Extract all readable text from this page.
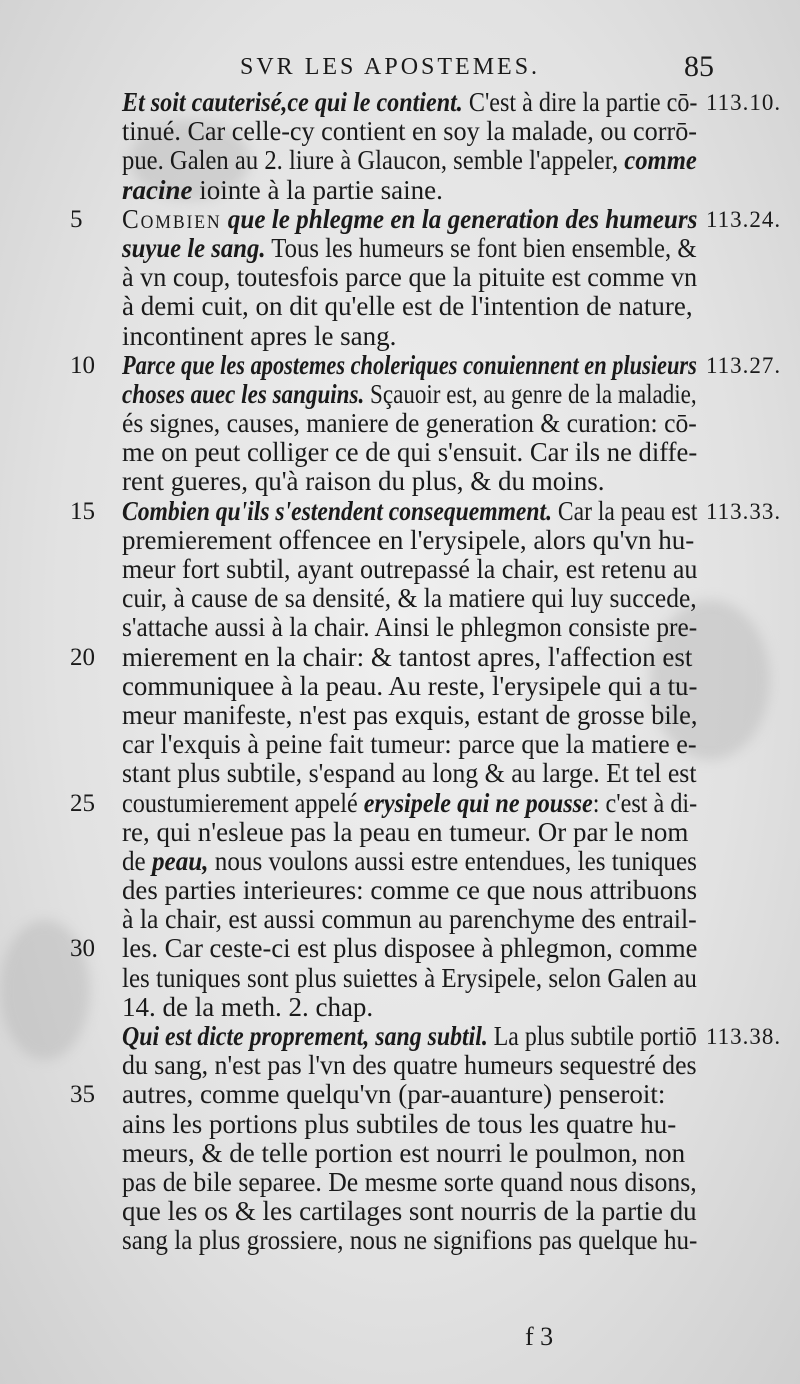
SVR LES APOSTEMES.	85
Et soit cauterisé,ce qui le contient. C'est à dire la partie cō- 113.10.
tinué. Car celle-cy contient en soy la malade, ou corrō-
pue. Galen au 2. liure à Glaucon, semble l'appeler, comme
racine iointe à la partie saine.
5 Combien que le phlegme en la generation des humeurs 113.24.
suyue le sang. Tous les humeurs se font bien ensemble, &
à vn coup, toutesfois parce que la pituite est comme vn
à demi cuit, on dit qu'elle est de l'intention de nature,
incontinent apres le sang.
10 Parce que les apostemes choleriques conuiennent en plusieurs 113.27.
choses auec les sanguins. Sçauoir est, au genre de la maladie,
és signes, causes, maniere de generation & curation: cō-
me on peut colliger ce de qui s'ensuit. Car ils ne diffe-
rent gueres, qu'à raison du plus, & du moins.
15 Combien qu'ils s'estendent consequemment. Car la peau est 113.33.
premierement offencee en l'erysipele, alors qu'vn hu-
meur fort subtil, ayant outrepassé la chair, est retenu au
cuir, à cause de sa densité, & la matiere qui luy succede,
s'attache aussi à la chair. Ainsi le phlegmon consiste pre-
20 mierement en la chair: & tantost apres, l'affection est
communiquee à la peau. Au reste, l'erysipele qui a tu-
meur manifeste, n'est pas exquis, estant de grosse bile,
car l'exquis à peine fait tumeur: parce que la matiere e-
stant plus subtile, s'espand au long & au large. Et tel est
25 coustumierement appelé erysipele qui ne pousse: c'est à di-
re, qui n'esleue pas la peau en tumeur. Or par le nom
de peau, nous voulons aussi estre entendues, les tuniques
des parties interieures: comme ce que nous attribuons
à la chair, est aussi commun au parenchyme des entrail-
30 les. Car ceste-ci est plus disposee à phlegmon, comme
les tuniques sont plus suiettes à Erysipele, selon Galen au
14. de la meth. 2. chap.
Qui est dicte proprement, sang subtil. La plus subtile portiō 113.38.
du sang, n'est pas l'vn des quatre humeurs sequestré des
35 autres, comme quelqu'vn (par-auanture) penseroit:
ains les portions plus subtiles de tous les quatre hu-
meurs, & de telle portion est nourri le poulmon, non
pas de bile separee. De mesme sorte quand nous disons,
que les os & les cartilages sont nourris de la partie du
sang la plus grossiere, nous ne signifions pas quelque hu-
f 3
